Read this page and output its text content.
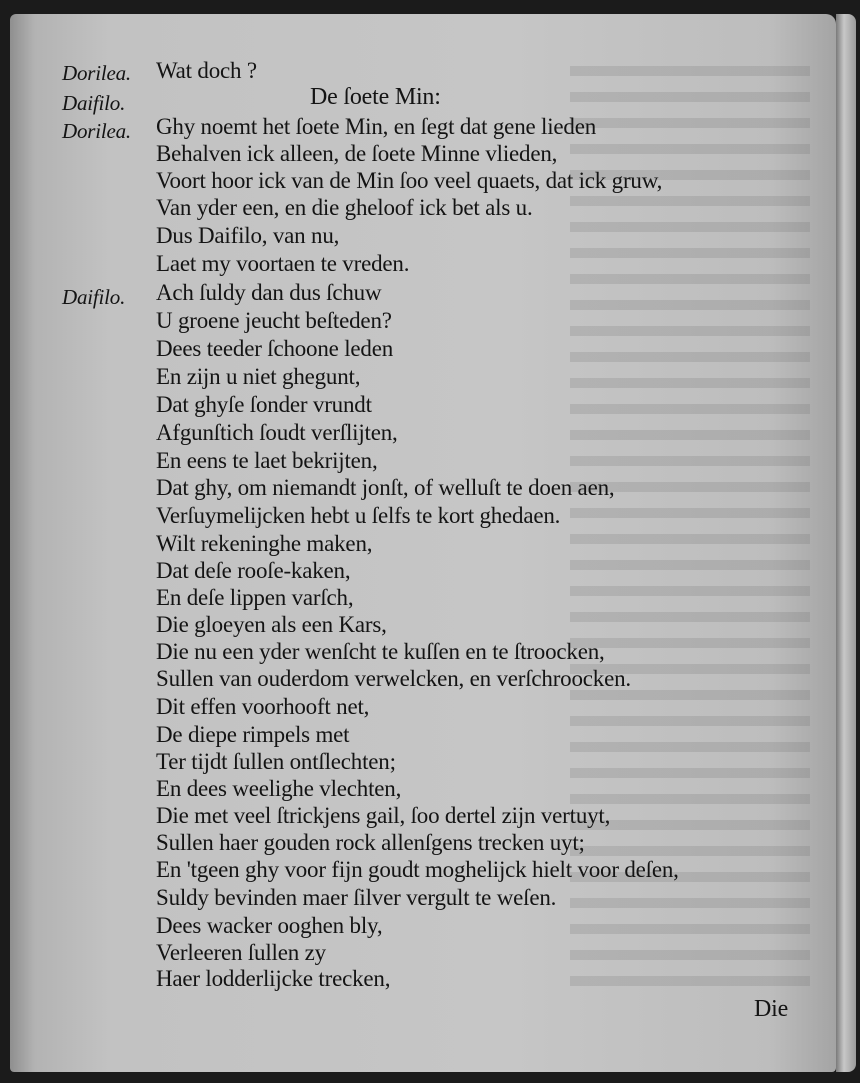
Dorilea.
Daifilo.
Dorilea.
Daifilo.
De ſoete Min:
Wat doch ?
Ghy noemt het ſoete Min, en ſegt dat gene lieden
Behalven ick alleen, de ſoete Minne vlieden,
Voort hoor ick van de Min ſoo veel quaets, dat ick gruw,
Van yder een, en die gheloof ick bet als u.
Dus Daifilo, van nu,
Laet my voortaen te vreden.
Ach ſuldy dan dus ſchuw
U groene jeucht beſteden?
Dees teeder ſchoone leden
En zijn u niet ghegunt,
Dat ghyſe ſonder vrundt
Afgunſtich ſoudt verſlijten,
En eens te laet bekrijten,
Dat ghy, om niemandt jonſt, of welluſt te doen aen,
Verſuymelijcken hebt u ſelfs te kort ghedaen.
Wilt rekeninghe maken,
Dat deſe rooſe-kaken,
En deſe lippen varſch,
Die gloeyen als een Kars,
Die nu een yder wenſcht te kuſſen en te ſtroocken,
Sullen van ouderdom verwelcken, en verſchroocken.
Dit effen voorhooft net,
De diepe rimpels met
Ter tijdt ſullen ontſlechten;
En dees weelighe vlechten,
Die met veel ſtrickjens gail, ſoo dertel zijn vertuyt,
Sullen haer gouden rock allenſgens trecken uyt;
En 'tgeen ghy voor fijn goudt moghelijck hielt voor deſen,
Suldy bevinden maer ſilver vergult te weſen.
Dees wacker ooghen bly,
Verleeren ſullen zy
Haer lodderlijcke trecken,
Die
